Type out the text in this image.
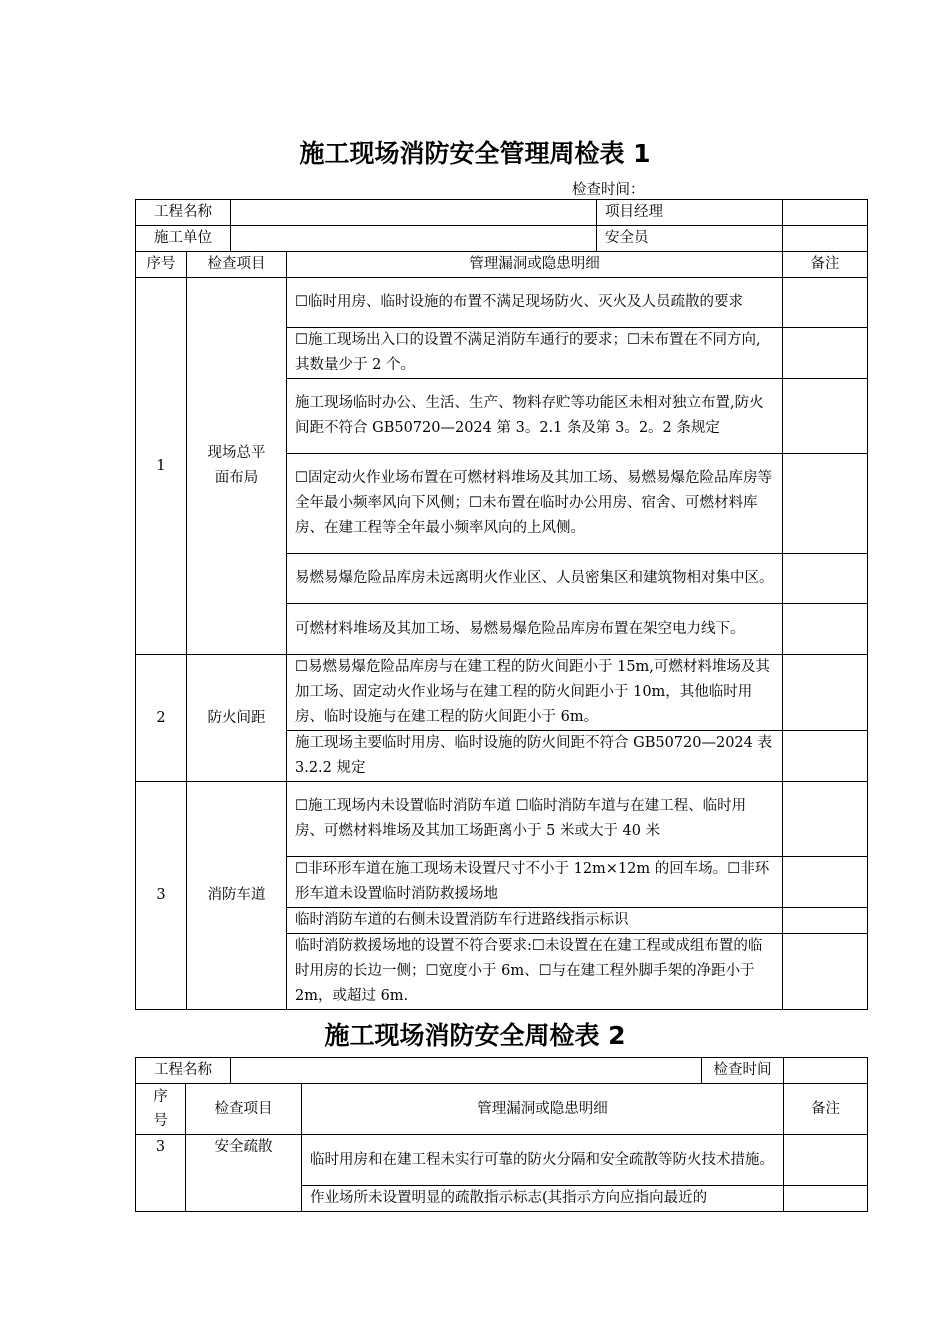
施工现场消防安全管理周检表 1
检查时间：
工程名称				项目经理	
施工单位				安全员	
序号	检查项目		管理漏洞或隐患明细		备注
1	现场总平面布局		☐临时用房、临时设施的布置不满足现场防火、灭火及人员疏散的要求		
			☐施工现场出入口的设置不满足消防车通行的要求；☐未布置在不同方向,其数量少于 2 个。		
			施工现场临时办公、生活、生产、物料存贮等功能区未相对独立布置,防火间距不符合 GB50720—2024 第 3。2.1 条及第 3。2。2 条规定		
			☐固定动火作业场布置在可燃材料堆场及其加工场、易燃易爆危险品库房等全年最小频率风向下风侧；☐未布置在临时办公用房、宿舍、可燃材料库房、在建工程等全年最小频率风向的上风侧。		
			易燃易爆危险品库房未远离明火作业区、人员密集区和建筑物相对集中区。		
			可燃材料堆场及其加工场、易燃易爆危险品库房布置在架空电力线下。		
2	防火间距		☐易燃易爆危险品库房与在建工程的防火间距小于 15m,可燃材料堆场及其加工场、固定动火作业场与在建工程的防火间距小于 10m，其他临时用房、临时设施与在建工程的防火间距小于 6m。		
			施工现场主要临时用房、临时设施的防火间距不符合 GB50720—2024 表 3.2.2 规定		
3	消防车道		☐施工现场内未设置临时消防车道 ☐临时消防车道与在建工程、临时用房、可燃材料堆场及其加工场距离小于 5 米或大于 40 米		
			☐非环形车道在施工现场未设置尺寸不小于 12m×12m 的回车场。☐非环形车道未设置临时消防救援场地		
			临时消防车道的右侧未设置消防车行进路线指示标识		
			临时消防救援场地的设置不符合要求:☐未设置在在建工程或成组布置的临时用房的长边一侧；☐宽度小于 6m、☐与在建工程外脚手架的净距小于 2m，或超过 6m.		
施工现场消防安全周检表 2
工程名称				检查时间	

序号	检查项目		管理漏洞或隐患明细		备注
3	安全疏散		临时用房和在建工程未实行可靠的防火分隔和安全疏散等防火技术措施。		
			作业场所未设置明显的疏散指示标志(其指示方向应指向最近的		
